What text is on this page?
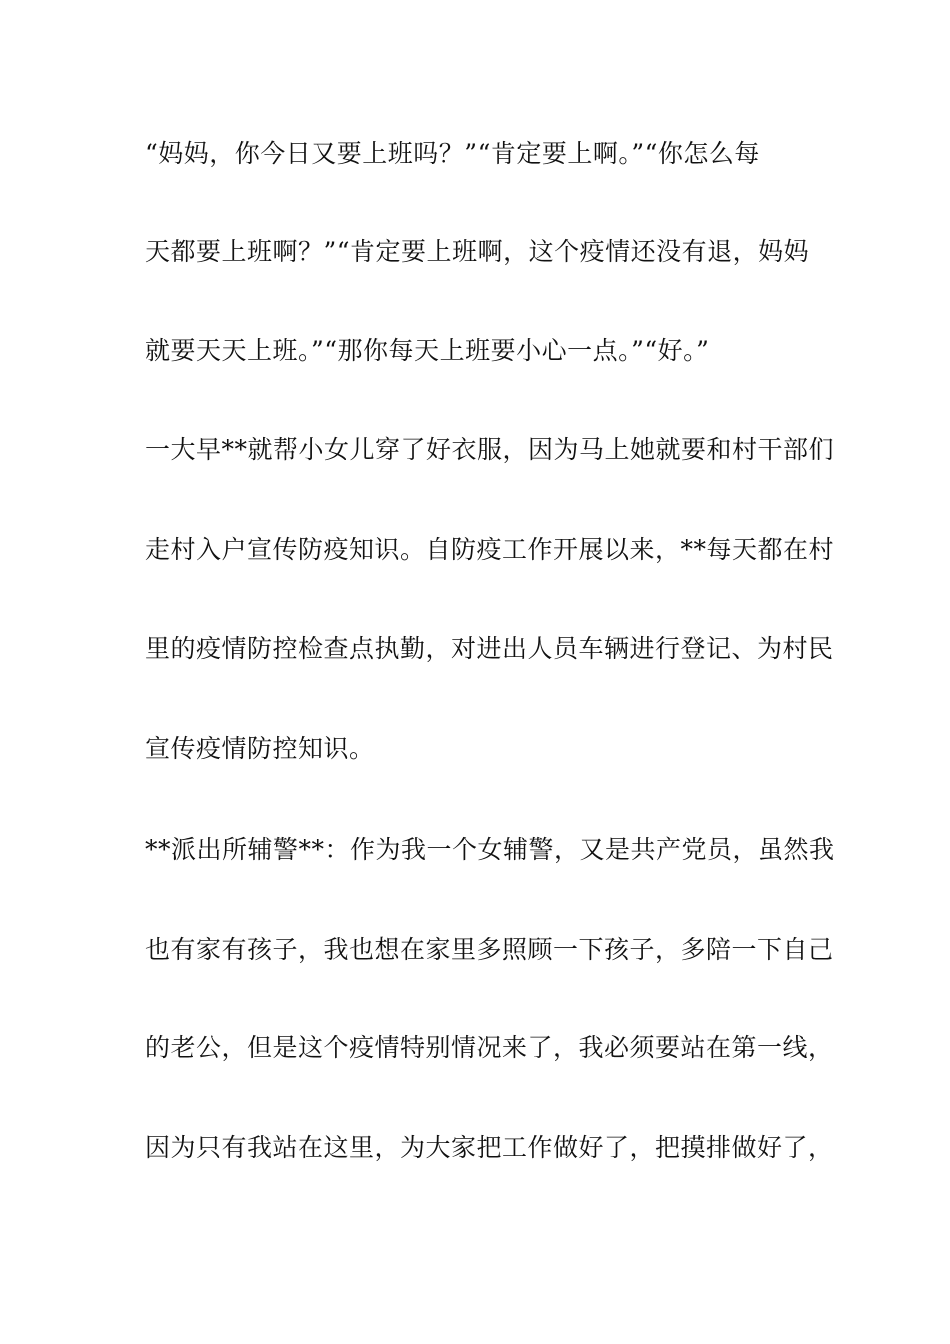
“妈妈，你今日又要上班吗？”“肯定要上啊。”“你怎么每
天都要上班啊？”“肯定要上班啊，这个疫情还没有退，妈妈
就要天天上班。”“那你每天上班要小心一点。”“好。”
一大早**就帮小女儿穿了好衣服，因为马上她就要和村干部们
走村入户宣传防疫知识。自防疫工作开展以来，**每天都在村
里的疫情防控检查点执勤，对进出人员车辆进行登记、为村民
宣传疫情防控知识。
**派出所辅警**：作为我一个女辅警，又是共产党员，虽然我
也有家有孩子，我也想在家里多照顾一下孩子，多陪一下自己
的老公，但是这个疫情特别情况来了，我必须要站在第一线，
因为只有我站在这里，为大家把工作做好了，把摸排做好了，
